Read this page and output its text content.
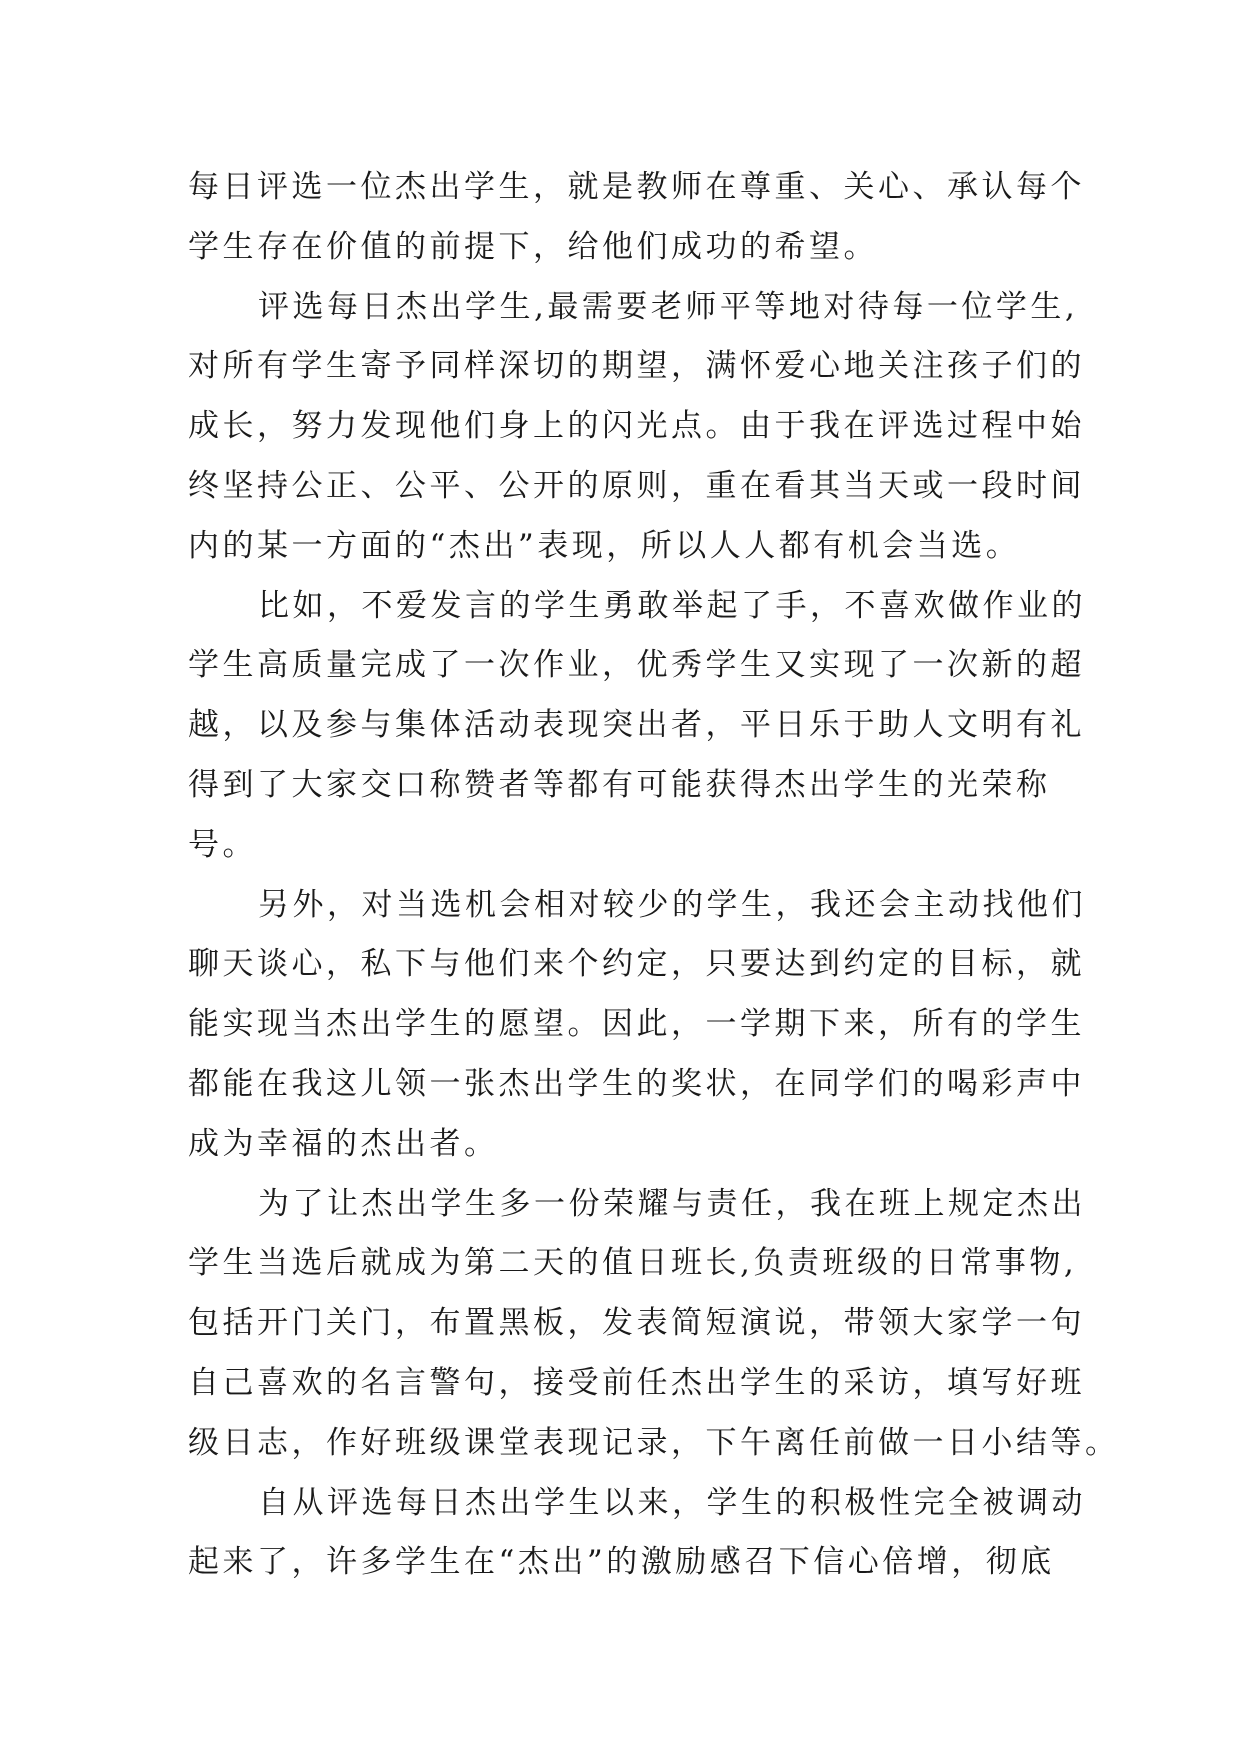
每日评选一位杰出学生，就是教师在尊重、关心、承认每个
学生存在价值的前提下，给他们成功的希望。
评选每日杰出学生,最需要老师平等地对待每一位学生,
对所有学生寄予同样深切的期望，满怀爱心地关注孩子们的
成长，努力发现他们身上的闪光点。由于我在评选过程中始
终坚持公正、公平、公开的原则，重在看其当天或一段时间
内的某一方面的“杰出”表现，所以人人都有机会当选。
比如，不爱发言的学生勇敢举起了手，不喜欢做作业的
学生高质量完成了一次作业，优秀学生又实现了一次新的超
越，以及参与集体活动表现突出者，平日乐于助人文明有礼
得到了大家交口称赞者等都有可能获得杰出学生的光荣称
号。
另外，对当选机会相对较少的学生，我还会主动找他们
聊天谈心，私下与他们来个约定，只要达到约定的目标，就
能实现当杰出学生的愿望。因此，一学期下来，所有的学生
都能在我这儿领一张杰出学生的奖状，在同学们的喝彩声中
成为幸福的杰出者。
为了让杰出学生多一份荣耀与责任，我在班上规定杰出
学生当选后就成为第二天的值日班长,负责班级的日常事物,
包括开门关门，布置黑板，发表简短演说，带领大家学一句
自己喜欢的名言警句，接受前任杰出学生的采访，填写好班
级日志，作好班级课堂表现记录，下午离任前做一日小结等。
自从评选每日杰出学生以来，学生的积极性完全被调动
起来了，许多学生在“杰出”的激励感召下信心倍增，彻底
